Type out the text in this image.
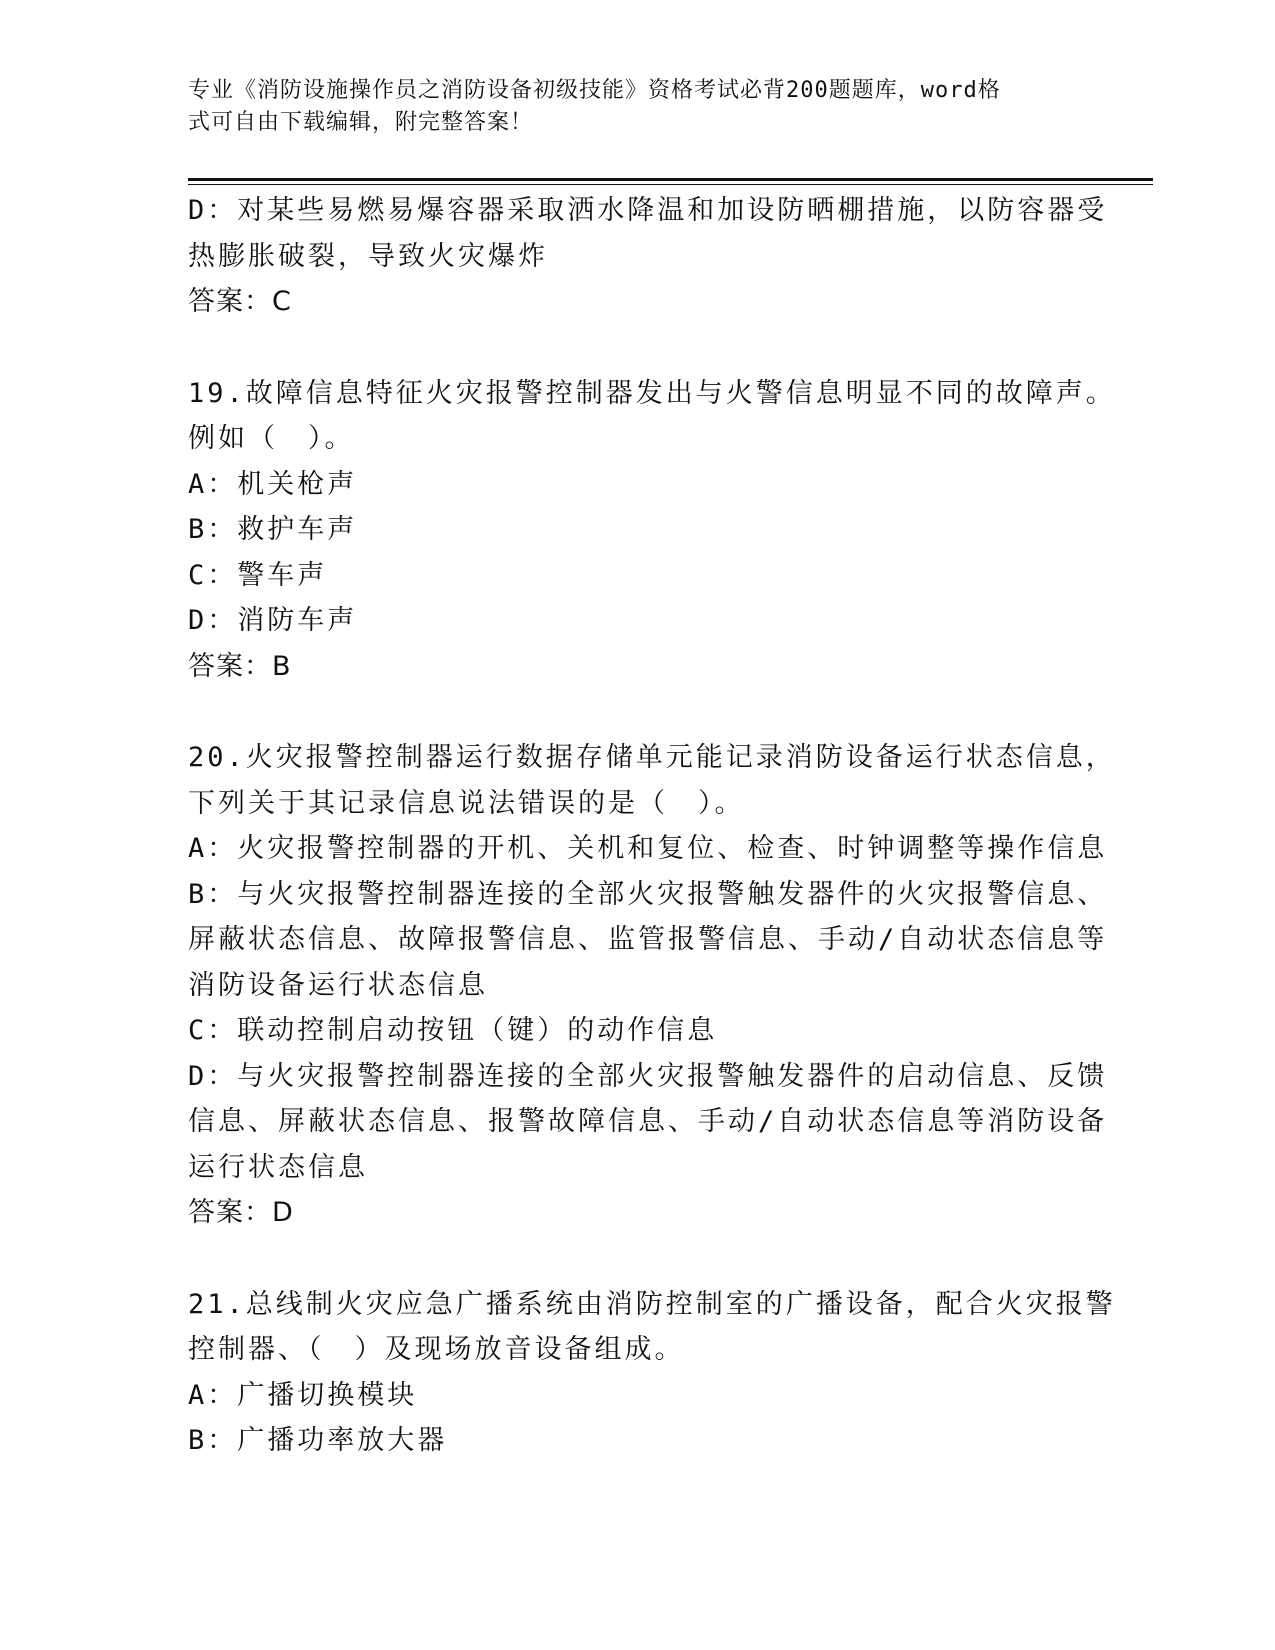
专业《消防设施操作员之消防设备初级技能》资格考试必背200题题库，word格
式可自由下载编辑，附完整答案！
D：对某些易燃易爆容器采取洒水降温和加设防晒棚措施，以防容器受
热膨胀破裂，导致火灾爆炸
答案：C
19.故障信息特征火灾报警控制器发出与火警信息明显不同的故障声。
例如（　）。
A：机关枪声
B：救护车声
C：警车声
D：消防车声
答案：B
20.火灾报警控制器运行数据存储单元能记录消防设备运行状态信息，
下列关于其记录信息说法错误的是（　）。
A：火灾报警控制器的开机、关机和复位、检查、时钟调整等操作信息
B：与火灾报警控制器连接的全部火灾报警触发器件的火灾报警信息、
屏蔽状态信息、故障报警信息、监管报警信息、手动/自动状态信息等
消防设备运行状态信息
C：联动控制启动按钮（键）的动作信息
D：与火灾报警控制器连接的全部火灾报警触发器件的启动信息、反馈
信息、屏蔽状态信息、报警故障信息、手动/自动状态信息等消防设备
运行状态信息
答案：D
21.总线制火灾应急广播系统由消防控制室的广播设备，配合火灾报警
控制器、（　）及现场放音设备组成。
A：广播切换模块
B：广播功率放大器
